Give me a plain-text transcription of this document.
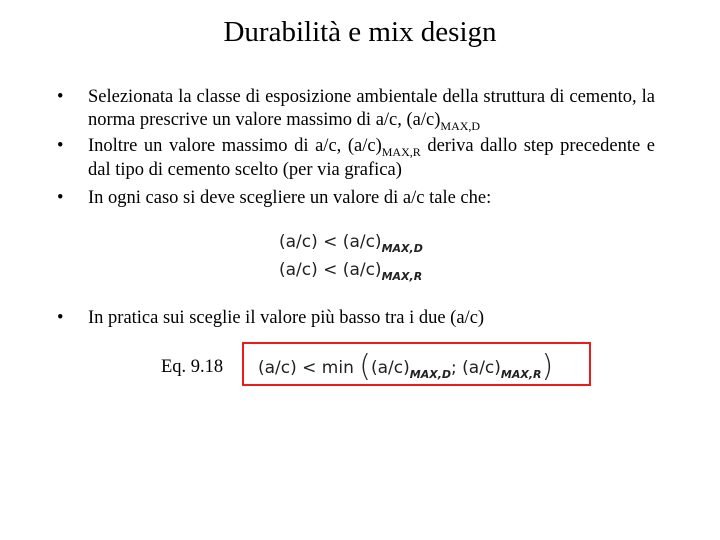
Durabilità e mix design
• Selezionata la classe di esposizione ambientale della struttura di cemento, la norma prescrive un valore massimo di a/c, $(a/c)_{MAX,D}$
• Inoltre un valore massimo di a/c, $(a/c)_{MAX,R}$ deriva dallo step precedente e dal tipo di cemento scelto (per via grafica)
• In ogni caso si deve scegliere un valore di a/c tale che:
$(a/c) < (a/c)_{MAX,D}$
$(a/c) < (a/c)_{MAX,R}$
• In pratica sui sceglie il valore più basso tra i due (a/c)
Eq. 9.18 $(a/c) < \min ((a/c)_{MAX,D}$; $(a/c)_{MAX,R}$)
